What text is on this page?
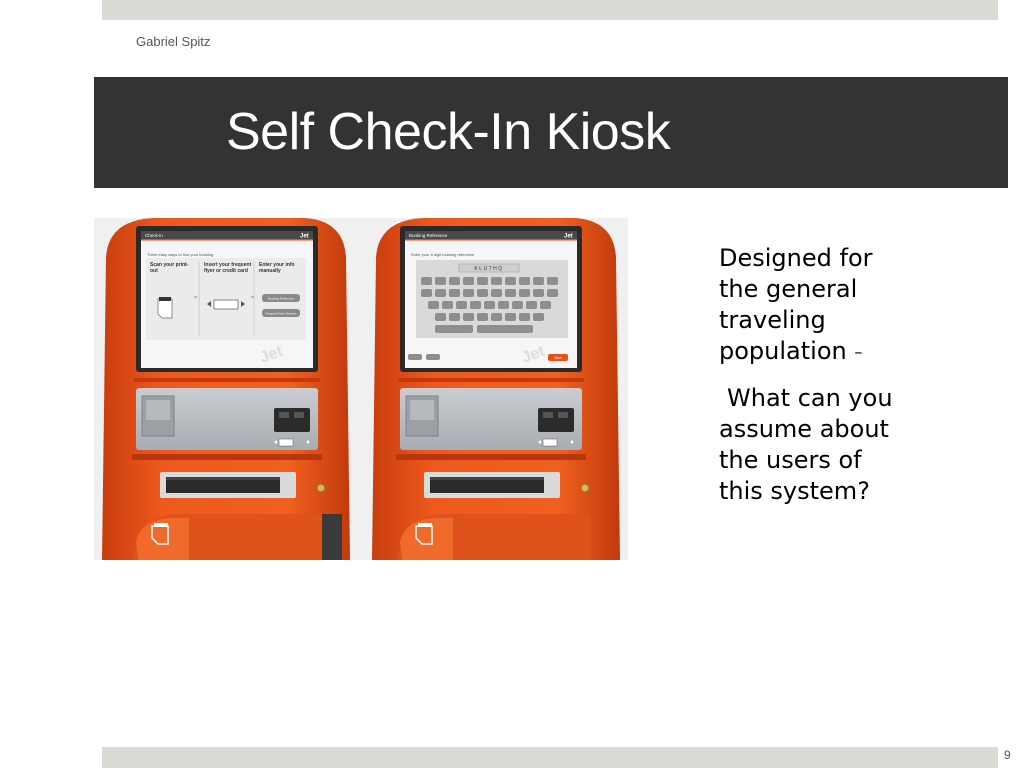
Gabriel Spitz
Self Check-In Kiosk
Check-in	Jet
Three easy ways to find your booking
Scan your print-out
Insert your frequent flyer or credit card
Enter your info manually
or	or	Booking Reference
Frequent Flyer Number
Jet
Booking Reference	Jet
Enter your 6 digit booking reference
KLUTHQ
Next
Jet

Designed for the general traveling population –

What can you assume about the users of this system?

9
